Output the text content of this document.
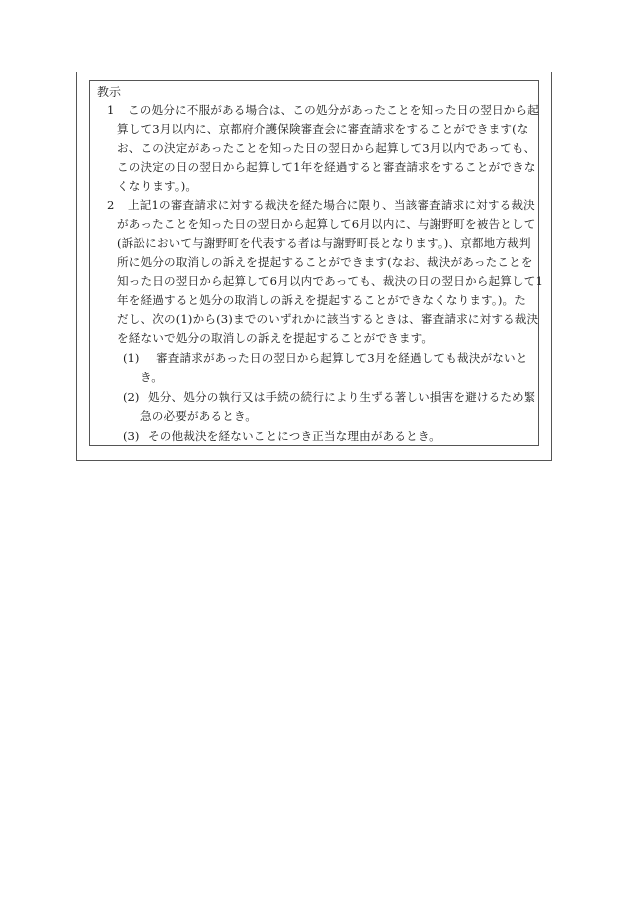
教示
1 この処分に不服がある場合は、この処分があったことを知った日の翌日から起
算して3月以内に、京都府介護保険審査会に審査請求をすることができます(な
お、この決定があったことを知った日の翌日から起算して3月以内であっても、
この決定の日の翌日から起算して1年を経過すると審査請求をすることができな
くなります。)。
2 上記1の審査請求に対する裁決を経た場合に限り、当該審査請求に対する裁決
があったことを知った日の翌日から起算して6月以内に、与謝野町を被告として
(訴訟において与謝野町を代表する者は与謝野町長となります。)、京都地方裁判
所に処分の取消しの訴えを提起することができます(なお、裁決があったことを
知った日の翌日から起算して6月以内であっても、裁決の日の翌日から起算して1
年を経過すると処分の取消しの訴えを提起することができなくなります。)。た
だし、次の(1)から(3)までのいずれかに該当するときは、審査請求に対する裁決
を経ないで処分の取消しの訴えを提起することができます。
(1) 審査請求があった日の翌日から起算して3月を経過しても裁決がないと
き。
(2) 処分、処分の執行又は手続の続行により生ずる著しい損害を避けるため緊
急の必要があるとき。
(3) その他裁決を経ないことにつき正当な理由があるとき。
